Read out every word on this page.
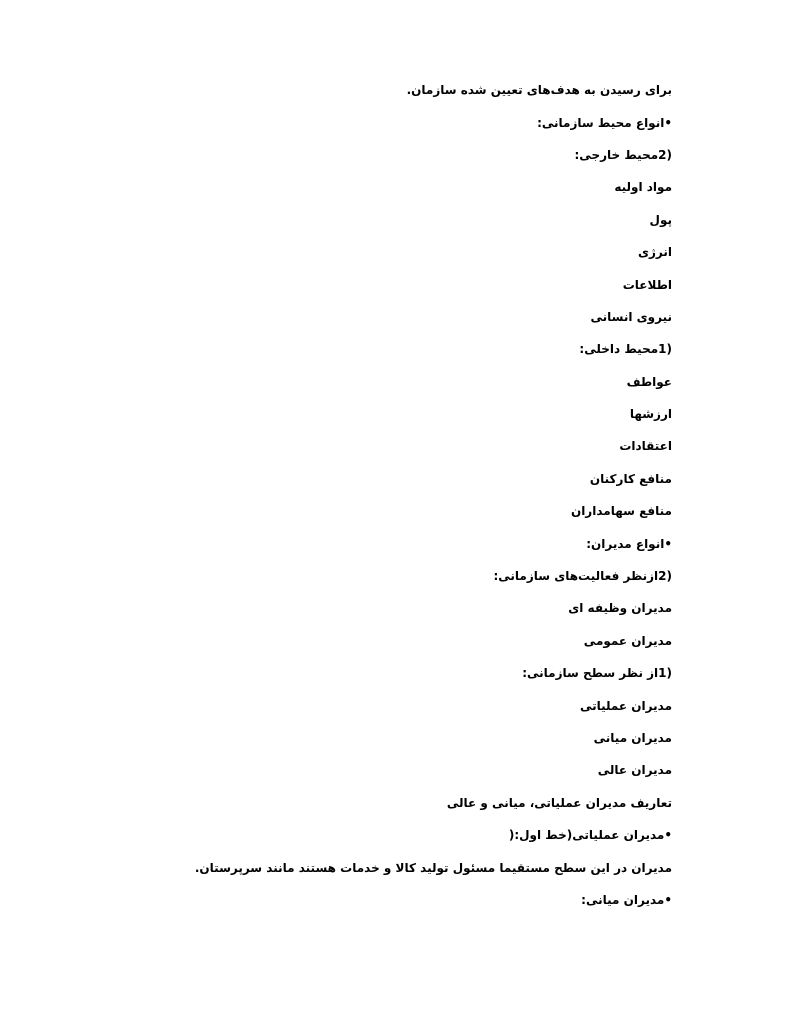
برای رسیدن به هدف‌های تعیین شده سازمان.
•انواع محیط سازمانی:
(2محیط خارجی:
مواد اولیه
پول
انرژی
اطلاعات
نیروی انسانی
(1محیط داخلی:
عواطف
ارزشها
اعتقادات
منافع کارکنان
منافع سهامداران
•انواع مدیران:
(2ازنظر فعالیت‌های سازمانی:
مدیران وظیفه ای
مدیران عمومی
(1از نظر سطح سازمانی:
مدیران عملیاتی
مدیران میانی
مدیران عالی
تعاریف مدیران عملیاتی، میانی و عالی
•مدیران عملیاتی(خط اول:(
مدیران در این سطح مستقیما مسئول تولید کالا و خدمات هستند مانند سرپرستان.
•مدیران میانی:
